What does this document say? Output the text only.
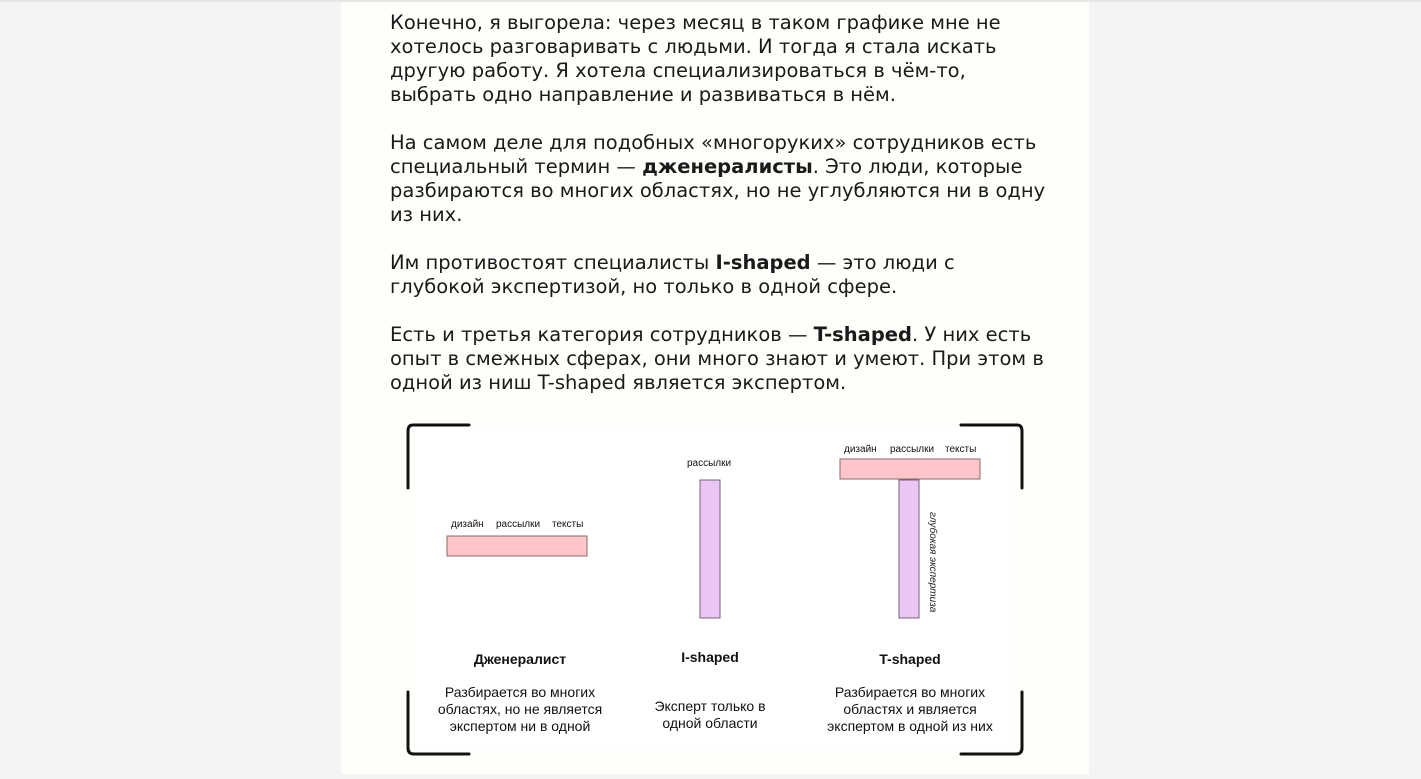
Конечно, я выгорела: через месяц в таком графике мне не хотелось разговаривать с людьми. И тогда я стала искать другую работу. Я хотела специализироваться в чём-то, выбрать одно направление и развиваться в нём.

На самом деле для подобных «многоруких» сотрудников есть специальный термин — дженералисты. Это люди, которые разбираются во многих областях, но не углубляются ни в одну из них.

Им противостоят специалисты I-shaped — это люди с глубокой экспертизой, но только в одной сфере.

Есть и третья категория сотрудников — T-shaped. У них есть опыт в смежных сферах, они много знают и умеют. При этом в одной из ниш T-shaped является экспертом.

дизайн рассылки тексты
рассылки
дизайн рассылки тексты
глубокая экспертиза
Дженералист	I-shaped	T-shaped
Разбирается во многих областях, но не является экспертом ни в одной
Эксперт только в одной области
Разбирается во многих областях и является экспертом в одной из них
